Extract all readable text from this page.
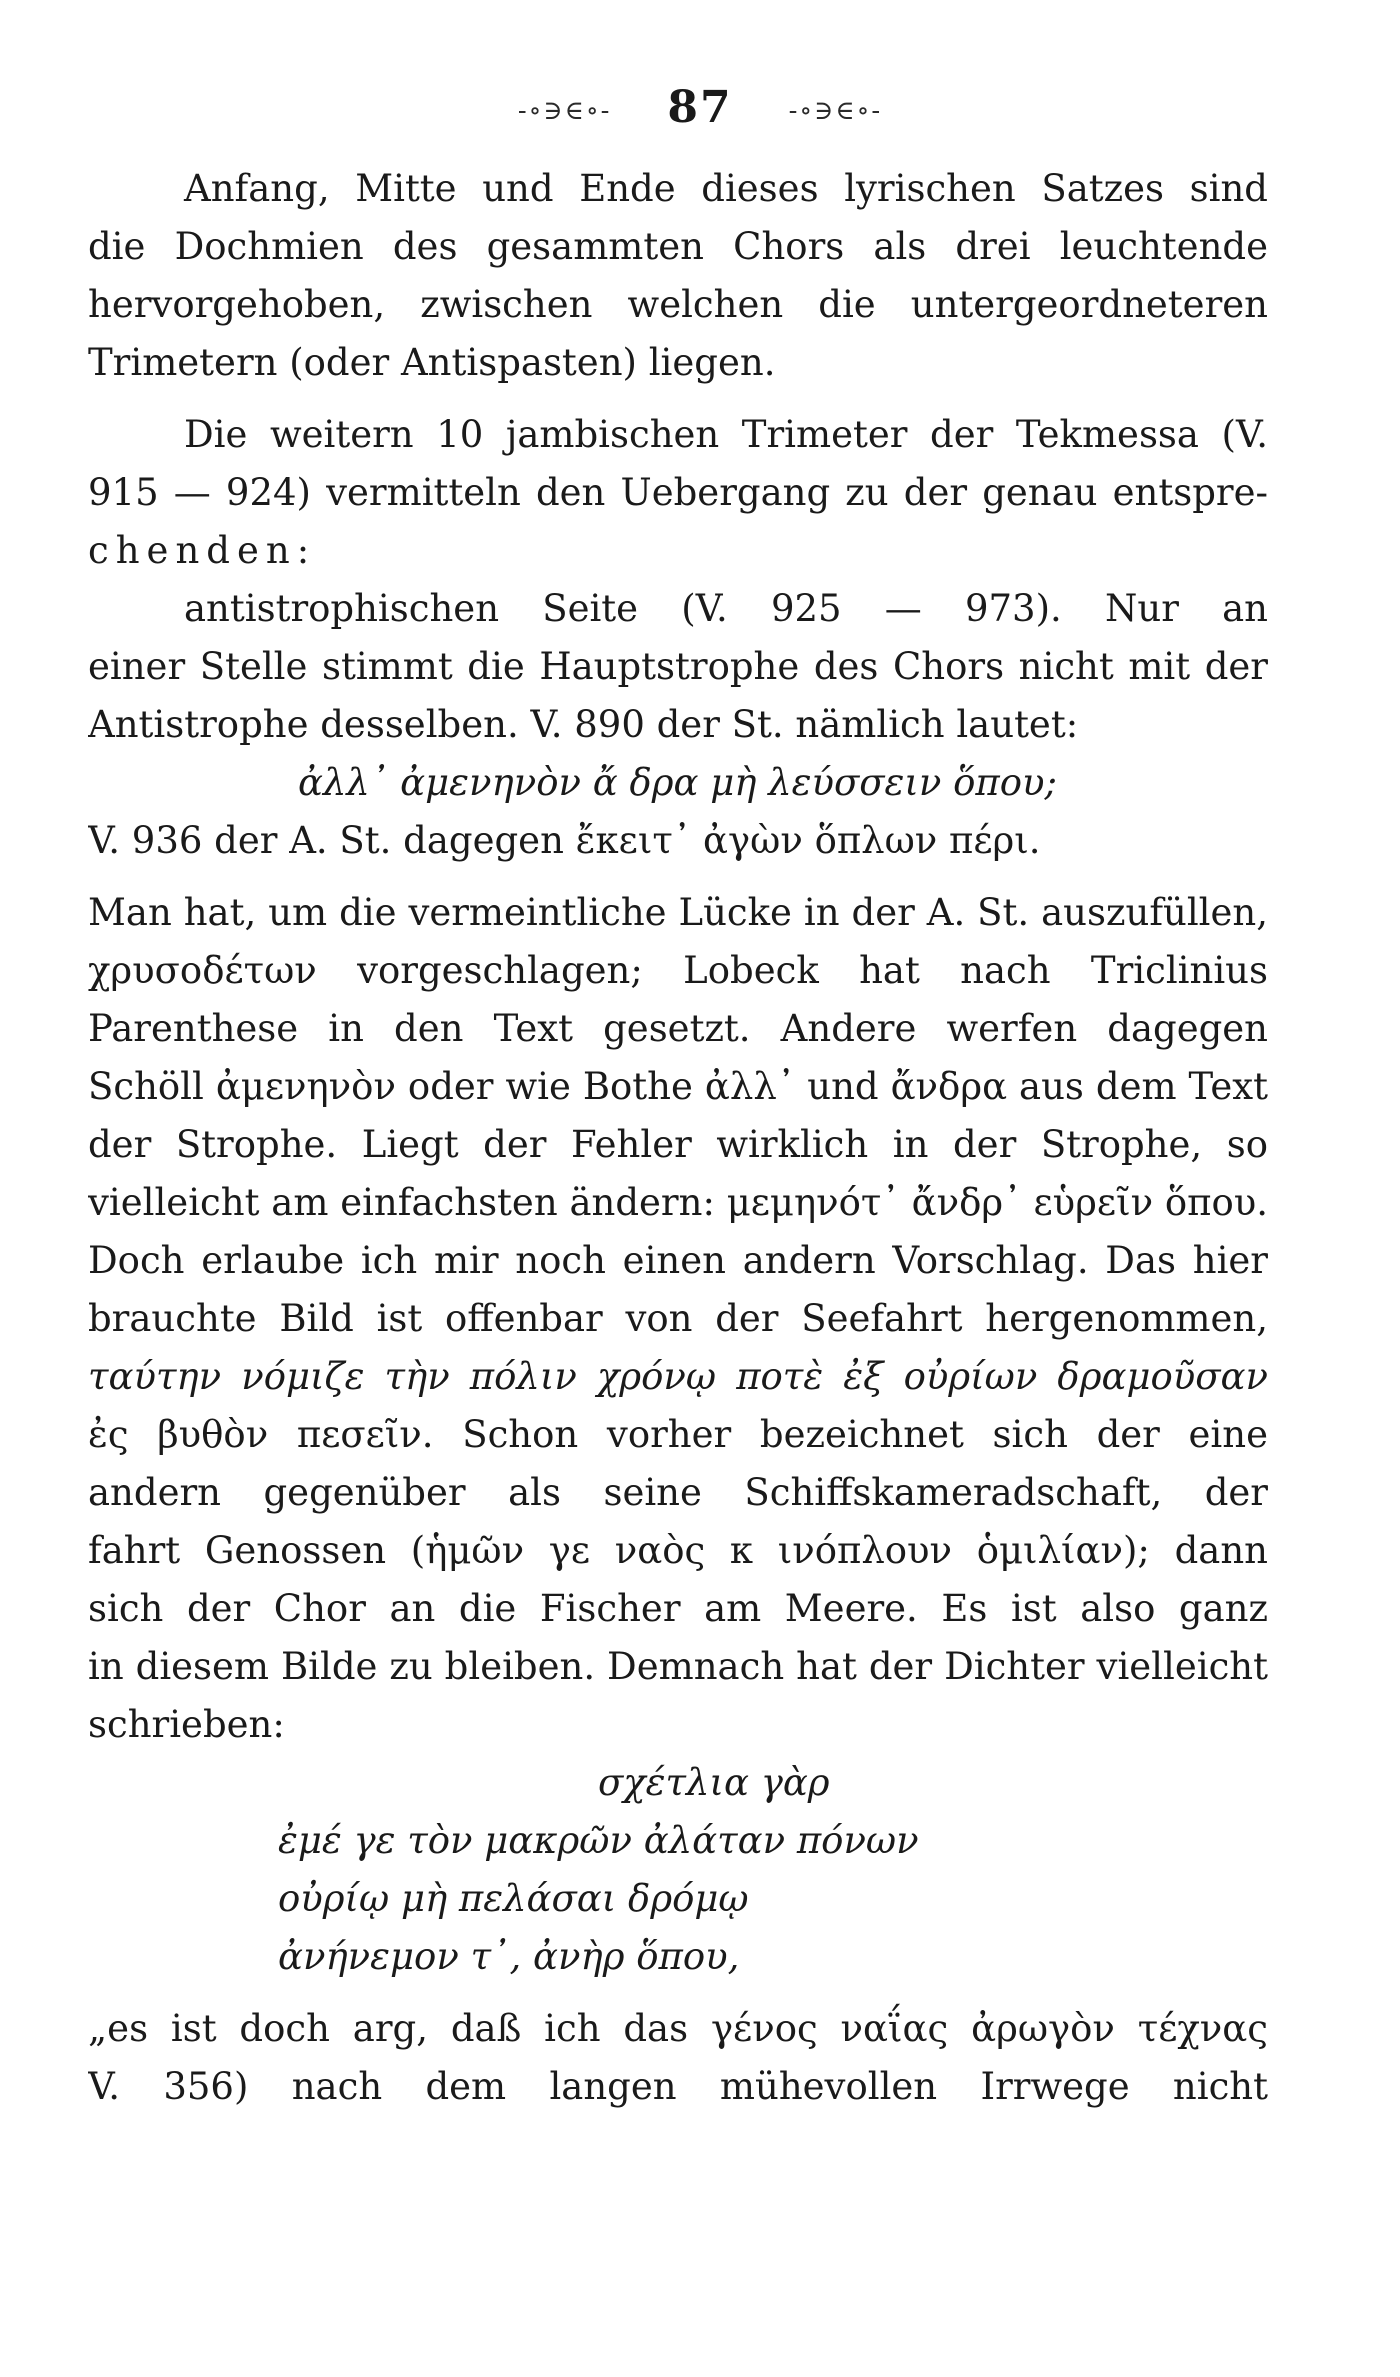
-∘∋∈∘- 87 -∘∋∈∘-
Anfang, Mitte und Ende dieses lyrischen Satzes sind
die Dochmien des gesammten Chors als drei leuchtende
hervorgehoben, zwischen welchen die untergeordneteren
Trimetern (oder Antispasten) liegen.
Die weitern 10 jambischen Trimeter der Tekmessa (V.
915 — 924) vermitteln den Uebergang zu der genau entspre-
chenden:
antistrophischen Seite (V. 925 — 973). Nur an
einer Stelle stimmt die Hauptstrophe des Chors nicht mit der
Antistrophe desselben. V. 890 der St. nämlich lautet:
ἀλλ᾽ ἀμενηνὸν ἄ δρα μὴ λεύσσειν ὅπου;
V. 936 der A. St. dagegen ἔκειτ᾽ ἀγὼν ὅπλων πέρι.
Man hat, um die vermeintliche Lücke in der A. St. auszufüllen,
χρυσοδέτων vorgeschlagen; Lobeck hat nach Triclinius
Parenthese in den Text gesetzt. Andere werfen dagegen
Schöll ἀμενηνὸν oder wie Bothe ἀλλ᾽ und ἄνδρα aus dem Text
der Strophe. Liegt der Fehler wirklich in der Strophe, so
vielleicht am einfachsten ändern: μεμηνότ᾽ ἄνδρ᾽ εὑρεῖν ὅπου.
Doch erlaube ich mir noch einen andern Vorschlag. Das hier
brauchte Bild ist offenbar von der Seefahrt hergenommen,
ταύτην νόμιζε τὴν πόλιν χρόνῳ ποτὲ ἐξ οὐρίων δραμοῦσαν
ἐς βυθὸν πεσεῖν. Schon vorher bezeichnet sich der eine
andern gegenüber als seine Schiffskameradschaft, der
fahrt Genossen (ἡμῶν γε ναὸς κ ινόπλουν ὁμιλίαν); dann
sich der Chor an die Fischer am Meere. Es ist also ganz
in diesem Bilde zu bleiben. Demnach hat der Dichter vielleicht
schrieben:
σχέτλια γὰρ
ἐμέ γε τὸν μακρῶν ἀλάταν πόνων
οὐρίῳ μὴ πελάσαι δρόμῳ
ἀνήνεμον τ᾽, ἀνὴρ ὅπου,
„es ist doch arg, daß ich das γένος ναΐας ἀρωγὸν τέχνας
V. 356) nach dem langen mühevollen Irrwege nicht
